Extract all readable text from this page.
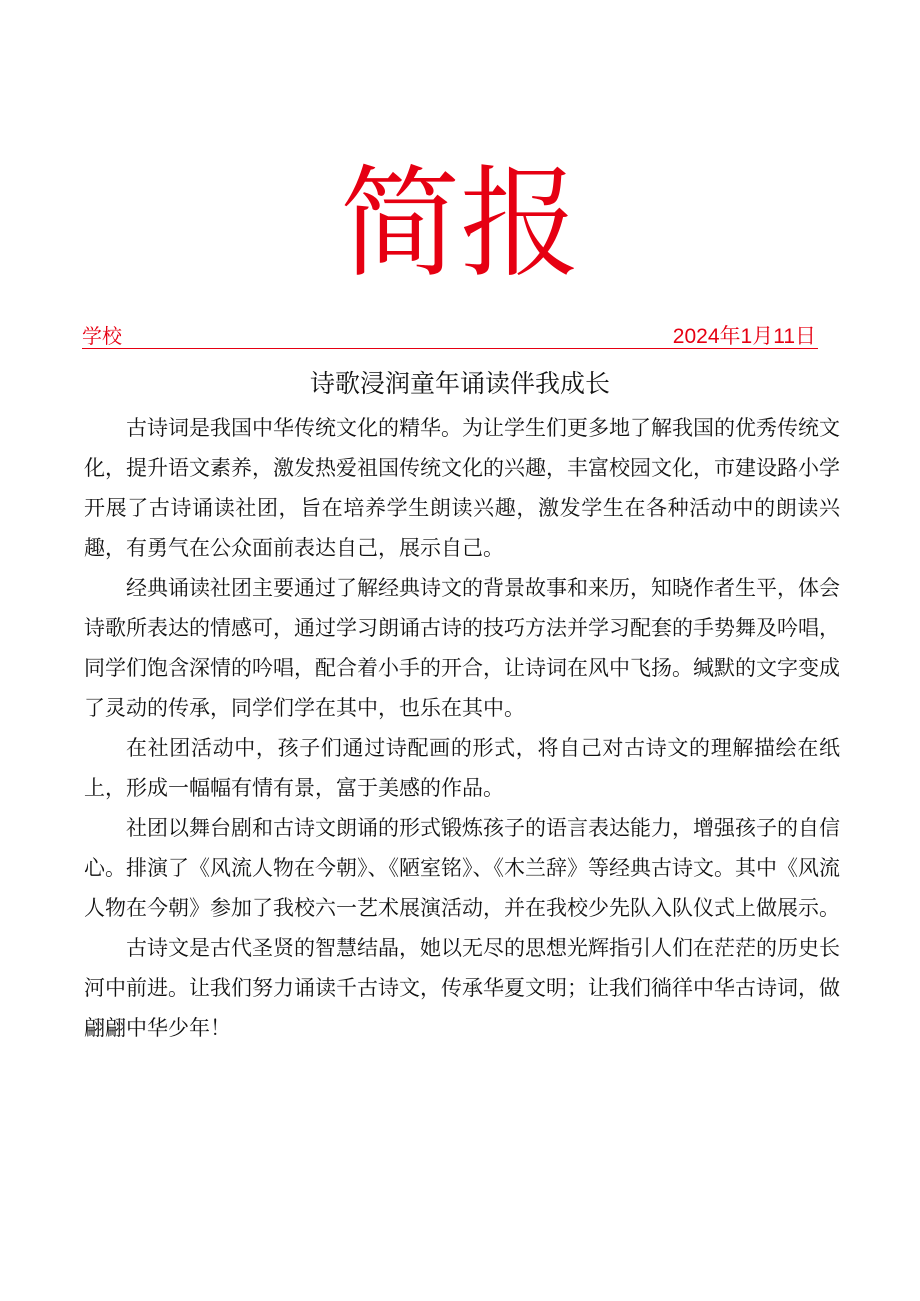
简报
学校	2024年1月11日
诗歌浸润童年诵读伴我成长

古诗词是我国中华传统文化的精华。为让学生们更多地了解我国的优秀传统文化，提升语文素养，激发热爱祖国传统文化的兴趣，丰富校园文化，市建设路小学开展了古诗诵读社团，旨在培养学生朗读兴趣，激发学生在各种活动中的朗读兴趣，有勇气在公众面前表达自己，展示自己。

经典诵读社团主要通过了解经典诗文的背景故事和来历，知晓作者生平，体会诗歌所表达的情感可，通过学习朗诵古诗的技巧方法并学习配套的手势舞及吟唱，同学们饱含深情的吟唱，配合着小手的开合，让诗词在风中飞扬。缄默的文字变成了灵动的传承，同学们学在其中，也乐在其中。

在社团活动中，孩子们通过诗配画的形式，将自己对古诗文的理解描绘在纸上，形成一幅幅有情有景，富于美感的作品。

社团以舞台剧和古诗文朗诵的形式锻炼孩子的语言表达能力，增强孩子的自信心。排演了《风流人物在今朝》、《陋室铭》、《木兰辞》等经典古诗文。其中《风流人物在今朝》参加了我校六一艺术展演活动，并在我校少先队入队仪式上做展示。

古诗文是古代圣贤的智慧结晶，她以无尽的思想光辉指引人们在茫茫的历史长河中前进。让我们努力诵读千古诗文，传承华夏文明；让我们徜徉中华古诗词，做翩翩中华少年！
